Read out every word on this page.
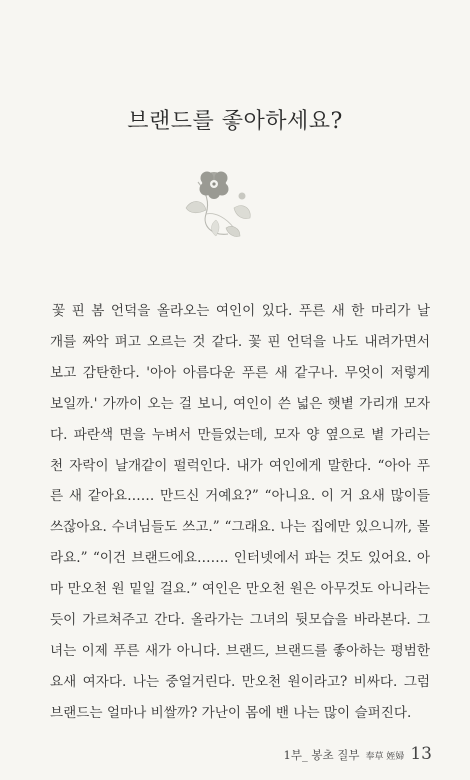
브랜드를 좋아하세요?
꽃 핀 봄 언덕을 올라오는 여인이 있다. 푸른 새 한 마리가 날
개를 짜악 펴고 오르는 것 같다. 꽃 핀 언덕을 나도 내려가면서
보고 감탄한다. '아아 아름다운 푸른 새 같구나. 무엇이 저렇게
보일까.' 가까이 오는 걸 보니, 여인이 쓴 넓은 햇볕 가리개 모자
다. 파란색 면을 누벼서 만들었는데, 모자 양 옆으로 볕 가리는
천 자락이 날개같이 펄럭인다. 내가 여인에게 말한다. “아아 푸
른 새 같아요…… 만드신 거예요?” “아니요. 이 거 요새 많이들
쓰잖아요. 수녀님들도 쓰고.” “그래요. 나는 집에만 있으니까, 몰
라요.” “이건 브랜드에요……. 인터넷에서 파는 것도 있어요. 아
마 만오천 원 밑일 걸요.” 여인은 만오천 원은 아무것도 아니라는
듯이 가르쳐주고 간다. 올라가는 그녀의 뒷모습을 바라본다. 그
녀는 이제 푸른 새가 아니다. 브랜드, 브랜드를 좋아하는 평범한
요새 여자다. 나는 중얼거린다. 만오천 원이라고? 비싸다. 그럼
브랜드는 얼마나 비쌀까? 가난이 몸에 밴 나는 많이 슬퍼진다.
1부_ 봉초 질부 奉草 姪婦 13
